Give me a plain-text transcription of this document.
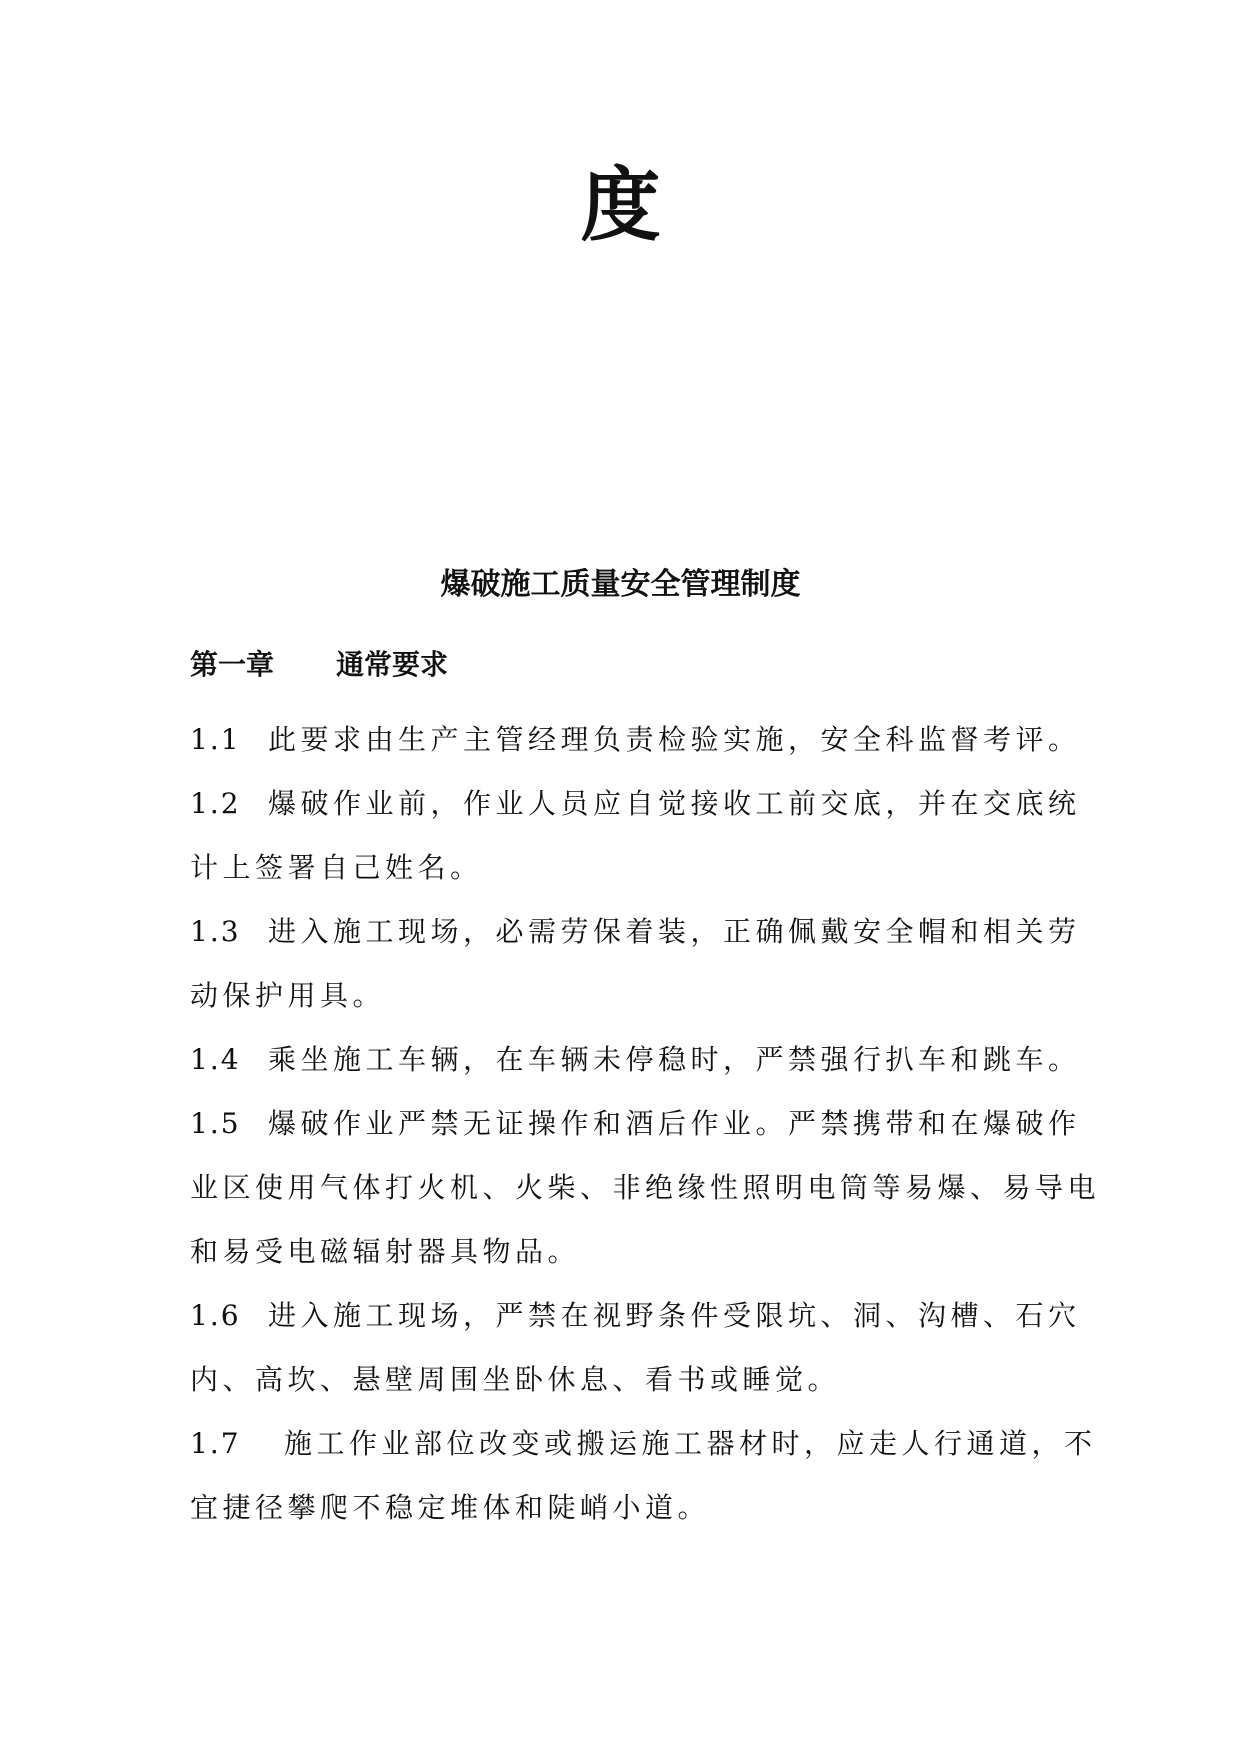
度
爆破施工质量安全管理制度
第一章 通常要求
1.1 此要求由生产主管经理负责检验实施，安全科监督考评。
1.2 爆破作业前，作业人员应自觉接收工前交底，并在交底统
计上签署自己姓名。
1.3 进入施工现场，必需劳保着装，正确佩戴安全帽和相关劳
动保护用具。
1.4 乘坐施工车辆，在车辆未停稳时，严禁强行扒车和跳车。
1.5 爆破作业严禁无证操作和酒后作业。严禁携带和在爆破作
业区使用气体打火机、火柴、非绝缘性照明电筒等易爆、易导电
和易受电磁辐射器具物品。
1.6 进入施工现场，严禁在视野条件受限坑、洞、沟槽、石穴
内、高坎、悬壁周围坐卧休息、看书或睡觉。
1.7 施工作业部位改变或搬运施工器材时，应走人行通道，不
宜捷径攀爬不稳定堆体和陡峭小道。
